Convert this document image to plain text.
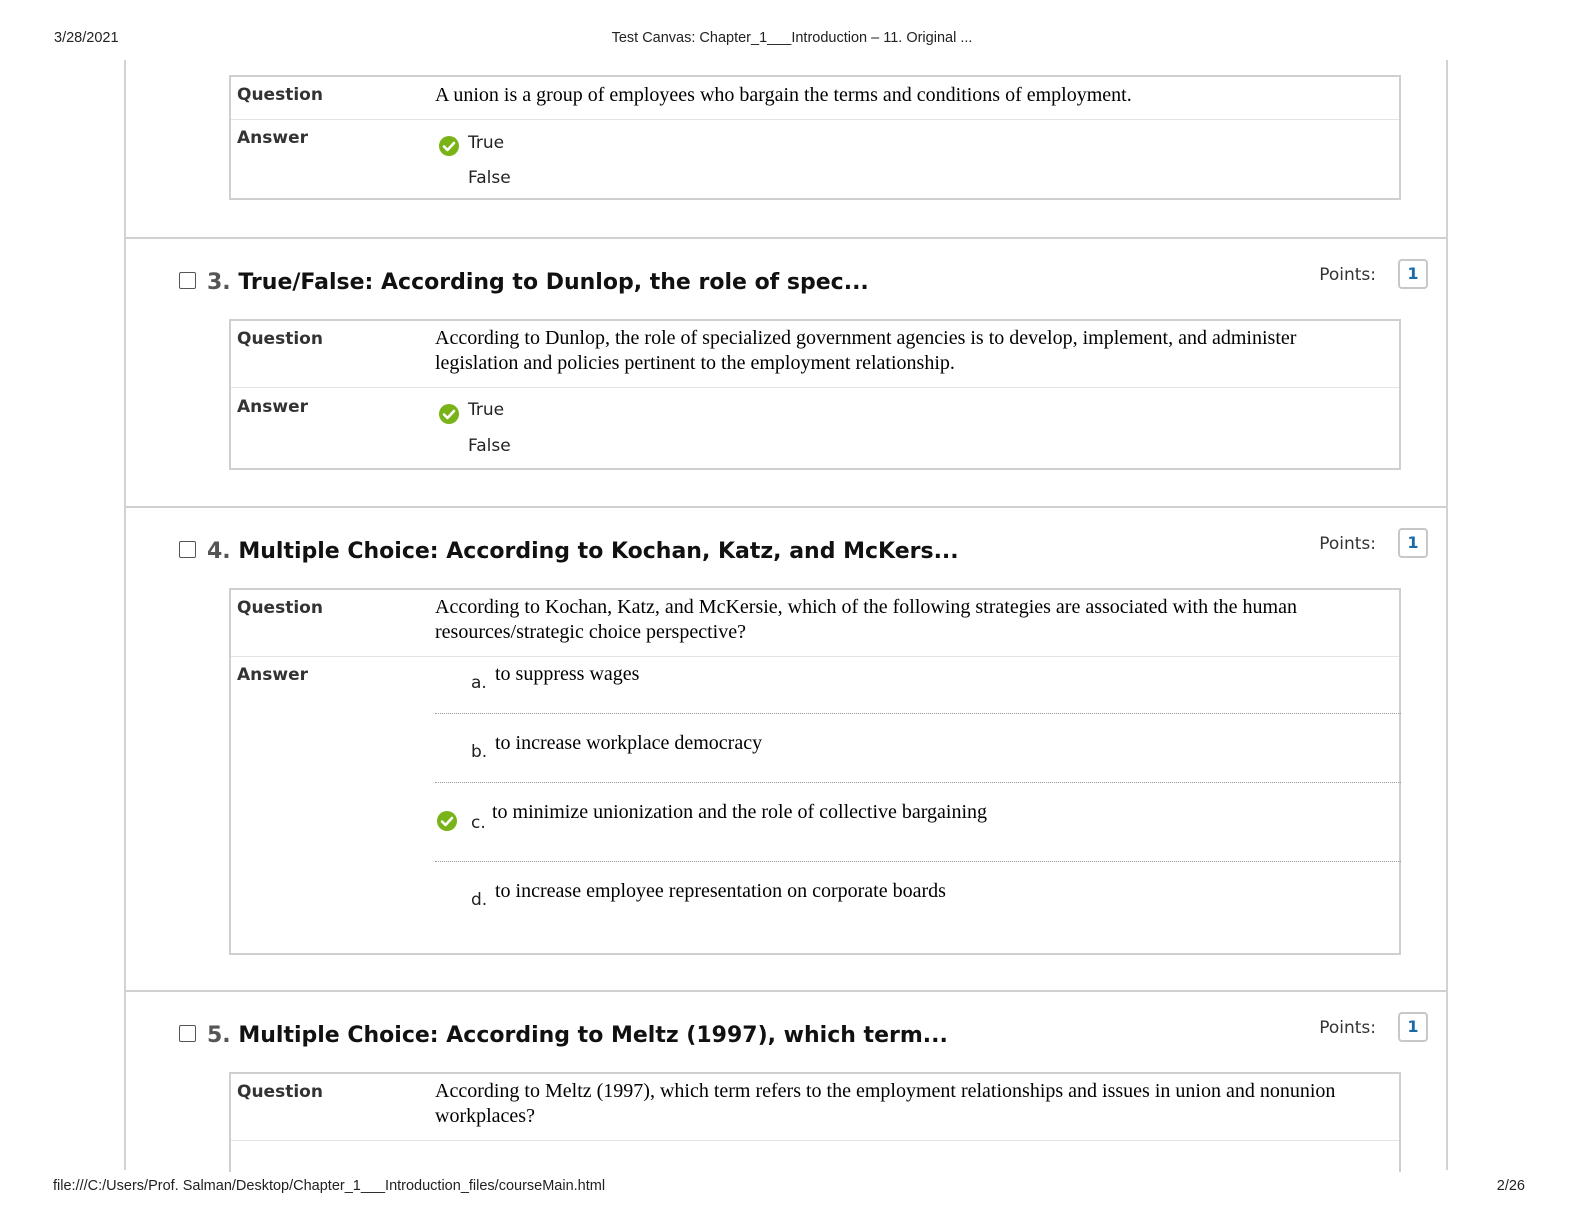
3/28/2021	Test Canvas: Chapter_1___Introduction – 11. Original ...
file:///C:/Users/Prof. Salman/Desktop/Chapter_1___Introduction_files/courseMain.html	2/26
Question	A union is a group of employees who bargain the terms and conditions of employment.
Answer	True
False
3. True/False: According to Dunlop, the role of spec...	Points:	1
Question	According to Dunlop, the role of specialized government agencies is to develop, implement, and administer legislation and policies pertinent to the employment relationship.
Answer	True
False
4. Multiple Choice: According to Kochan, Katz, and McKers...	Points:	1
Question	According to Kochan, Katz, and McKersie, which of the following strategies are associated with the human resources/strategic choice perspective?
Answer	a. to suppress wages
b. to increase workplace democracy
c. to minimize unionization and the role of collective bargaining
d. to increase employee representation on corporate boards
5. Multiple Choice: According to Meltz (1997), which term...	Points:	1
Question	According to Meltz (1997), which term refers to the employment relationships and issues in union and nonunion workplaces?
